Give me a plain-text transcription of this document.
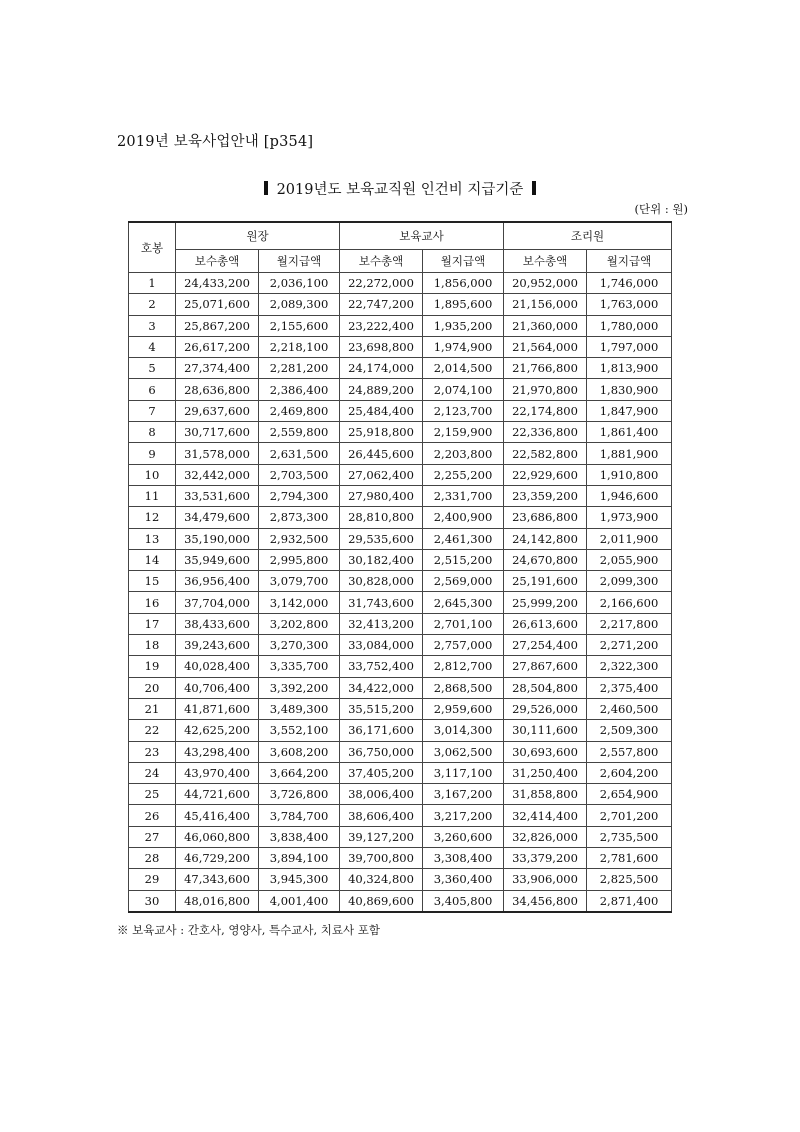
2019년 보육사업안내 [p354]
2019년도 보육교직원 인건비 지급기준
(단위 : 원)
호봉	원장		보육교사		조리원	
	보수총액	월지급액	보수총액	월지급액	보수총액	월지급액
1	24,433,200	2,036,100	22,272,000	1,856,000	20,952,000	1,746,000
2	25,071,600	2,089,300	22,747,200	1,895,600	21,156,000	1,763,000
3	25,867,200	2,155,600	23,222,400	1,935,200	21,360,000	1,780,000
4	26,617,200	2,218,100	23,698,800	1,974,900	21,564,000	1,797,000
5	27,374,400	2,281,200	24,174,000	2,014,500	21,766,800	1,813,900
6	28,636,800	2,386,400	24,889,200	2,074,100	21,970,800	1,830,900
7	29,637,600	2,469,800	25,484,400	2,123,700	22,174,800	1,847,900
8	30,717,600	2,559,800	25,918,800	2,159,900	22,336,800	1,861,400
9	31,578,000	2,631,500	26,445,600	2,203,800	22,582,800	1,881,900
10	32,442,000	2,703,500	27,062,400	2,255,200	22,929,600	1,910,800
11	33,531,600	2,794,300	27,980,400	2,331,700	23,359,200	1,946,600
12	34,479,600	2,873,300	28,810,800	2,400,900	23,686,800	1,973,900
13	35,190,000	2,932,500	29,535,600	2,461,300	24,142,800	2,011,900
14	35,949,600	2,995,800	30,182,400	2,515,200	24,670,800	2,055,900
15	36,956,400	3,079,700	30,828,000	2,569,000	25,191,600	2,099,300
16	37,704,000	3,142,000	31,743,600	2,645,300	25,999,200	2,166,600
17	38,433,600	3,202,800	32,413,200	2,701,100	26,613,600	2,217,800
18	39,243,600	3,270,300	33,084,000	2,757,000	27,254,400	2,271,200
19	40,028,400	3,335,700	33,752,400	2,812,700	27,867,600	2,322,300
20	40,706,400	3,392,200	34,422,000	2,868,500	28,504,800	2,375,400
21	41,871,600	3,489,300	35,515,200	2,959,600	29,526,000	2,460,500
22	42,625,200	3,552,100	36,171,600	3,014,300	30,111,600	2,509,300
23	43,298,400	3,608,200	36,750,000	3,062,500	30,693,600	2,557,800
24	43,970,400	3,664,200	37,405,200	3,117,100	31,250,400	2,604,200
25	44,721,600	3,726,800	38,006,400	3,167,200	31,858,800	2,654,900
26	45,416,400	3,784,700	38,606,400	3,217,200	32,414,400	2,701,200
27	46,060,800	3,838,400	39,127,200	3,260,600	32,826,000	2,735,500
28	46,729,200	3,894,100	39,700,800	3,308,400	33,379,200	2,781,600
29	47,343,600	3,945,300	40,324,800	3,360,400	33,906,000	2,825,500
30	48,016,800	4,001,400	40,869,600	3,405,800	34,456,800	2,871,400
※ 보육교사 : 간호사, 영양사, 특수교사, 치료사 포함
